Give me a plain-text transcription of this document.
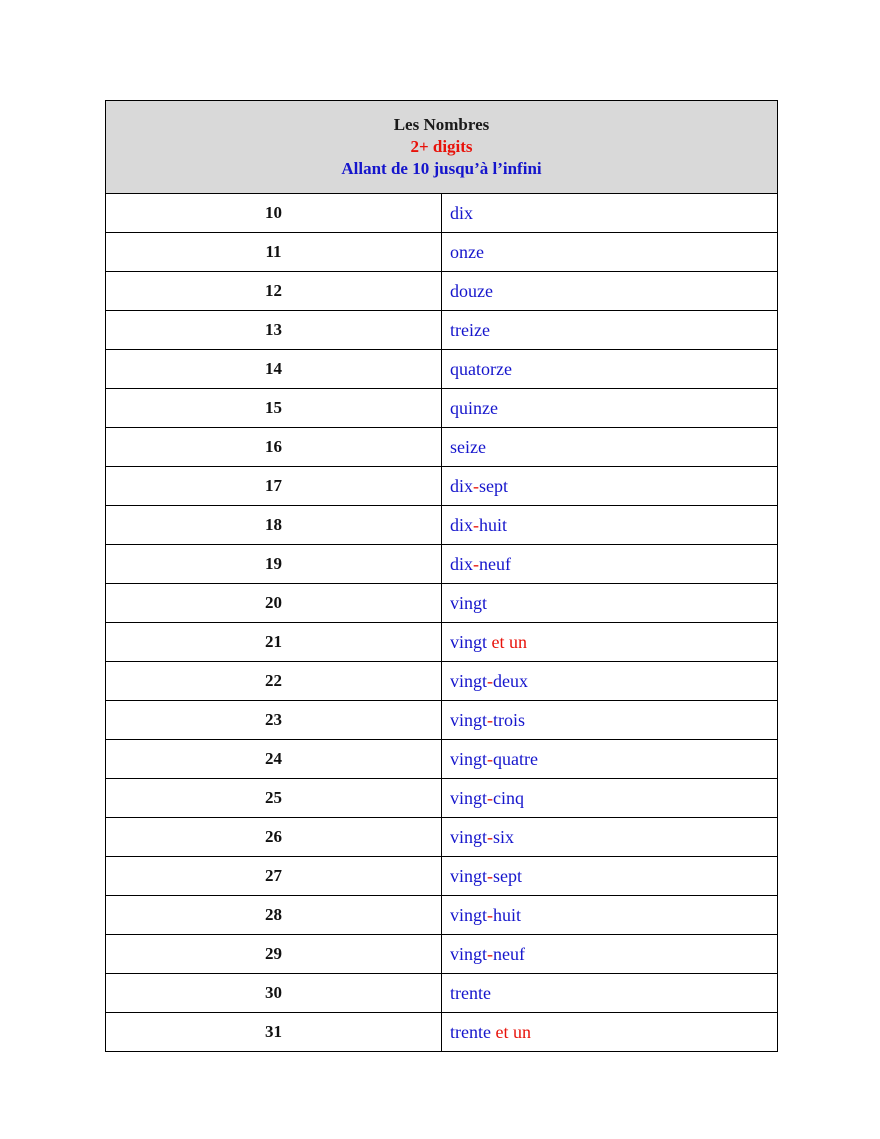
Les Nombres
2+ digits
Allant de 10 jusqu’à l’infini	

10	dix
11	onze
12	douze
13	treize
14	quatorze
15	quinze
16	seize
17	dix-sept
18	dix-huit
19	dix-neuf
20	vingt
21	vingt et un
22	vingt-deux
23	vingt-trois
24	vingt-quatre
25	vingt-cinq
26	vingt-six
27	vingt-sept
28	vingt-huit
29	vingt-neuf
30	trente
31	trente et un
